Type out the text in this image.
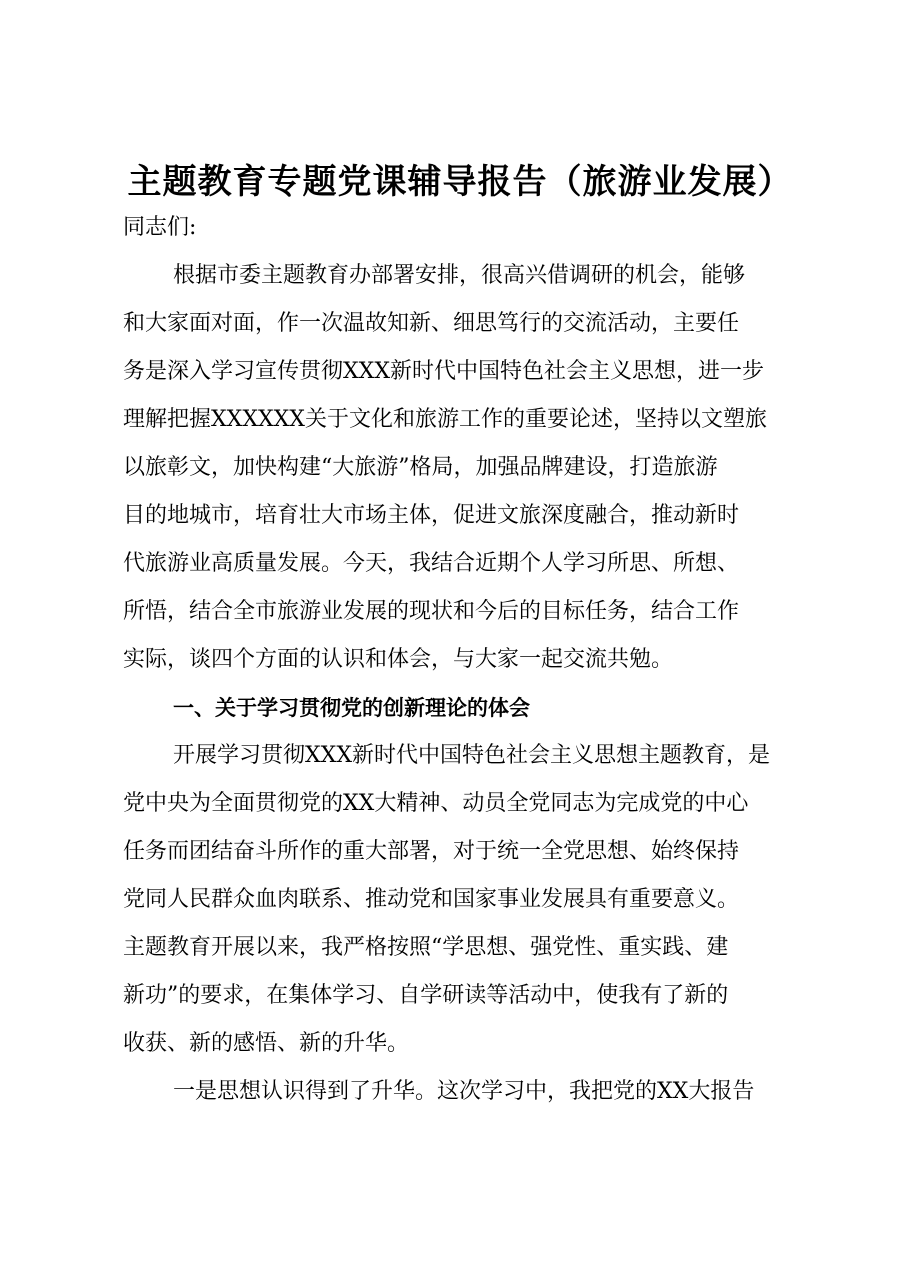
主题教育专题党课辅导报告（旅游业发展）
同志们:
根据市委主题教育办部署安排，很高兴借调研的机会，能够
和大家面对面，作一次温故知新、细思笃行的交流活动，主要任
务是深入学习宣传贯彻XXX新时代中国特色社会主义思想，进一步
理解把握XXXXXX关于文化和旅游工作的重要论述，坚持以文塑旅
以旅彰文，加快构建“大旅游”格局，加强品牌建设，打造旅游
目的地城市，培育壮大市场主体，促进文旅深度融合，推动新时
代旅游业高质量发展。今天，我结合近期个人学习所思、所想、
所悟，结合全市旅游业发展的现状和今后的目标任务，结合工作
实际，谈四个方面的认识和体会，与大家一起交流共勉。
一、关于学习贯彻党的创新理论的体会
开展学习贯彻XXX新时代中国特色社会主义思想主题教育，是
党中央为全面贯彻党的XX大精神、动员全党同志为完成党的中心
任务而团结奋斗所作的重大部署，对于统一全党思想、始终保持
党同人民群众血肉联系、推动党和国家事业发展具有重要意义。
主题教育开展以来，我严格按照“学思想、强党性、重实践、建
新功”的要求，在集体学习、自学研读等活动中，使我有了新的
收获、新的感悟、新的升华。
一是思想认识得到了升华。这次学习中，我把党的XX大报告
